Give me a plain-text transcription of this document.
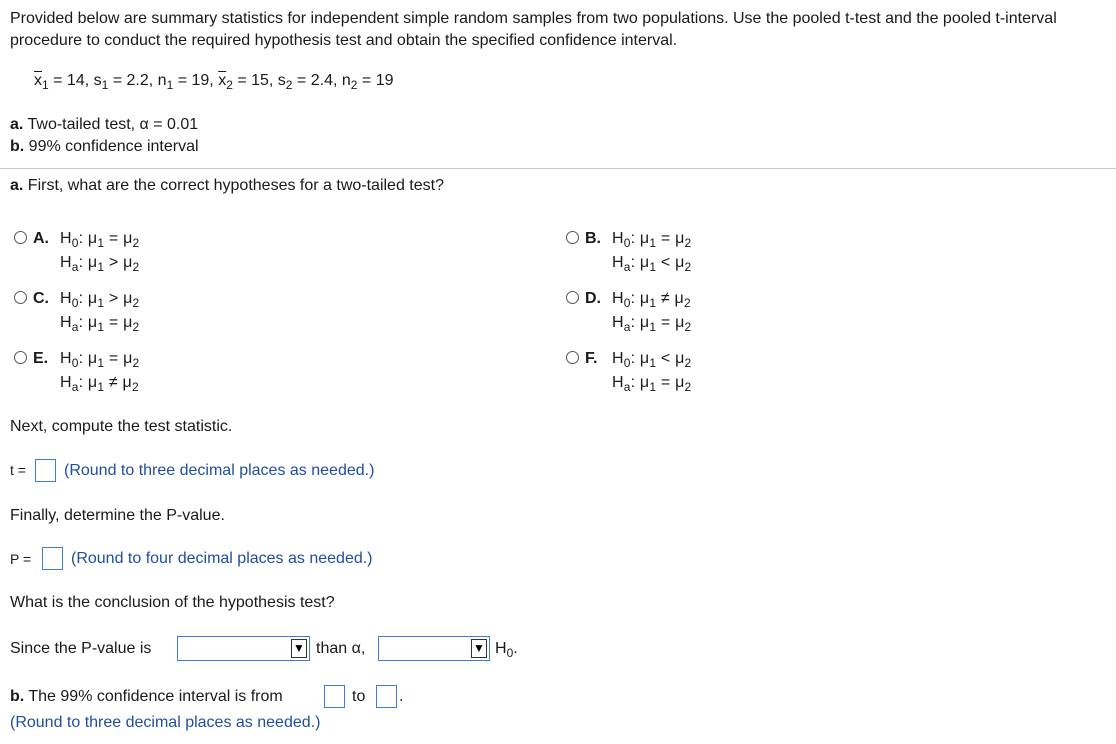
Provided below are summary statistics for independent simple random samples from two populations. Use the pooled t-test and the pooled t-interval procedure to conduct the required hypothesis test and obtain the specified confidence interval.
$\overline{x}_1 = 14$, $s_1 = 2.2$, $n_1 = 19$, $\overline{x}_2 = 15$, $s_2 = 2.4$, $n_2 = 19$
a. Two-tailed test, α = 0.01
b. 99% confidence interval
a. First, what are the correct hypotheses for a two-tailed test?
A. $H_0$: $\mu_1 = \mu_2$
$H_a$: $\mu_1 > \mu_2$
B. $H_0$: $\mu_1 = \mu_2$
$H_a$: $\mu_1 < \mu_2$
C. $H_0$: $\mu_1 > \mu_2$
$H_a$: $\mu_1 = \mu_2$
D. $H_0$: $\mu_1 \ne \mu_2$
$H_a$: $\mu_1 = \mu_2$
E. $H_0$: $\mu_1 = \mu_2$
$H_a$: $\mu_1 \ne \mu_2$
F. $H_0$: $\mu_1 < \mu_2$
$H_a$: $\mu_1 = \mu_2$
Next, compute the test statistic.
t = (Round to three decimal places as needed.)
Finally, determine the P-value.
P = (Round to four decimal places as needed.)
What is the conclusion of the hypothesis test?
Since the P-value is	▼ than α,	▼ $H_0$.
b. The 99% confidence interval is from	to .
(Round to three decimal places as needed.)
